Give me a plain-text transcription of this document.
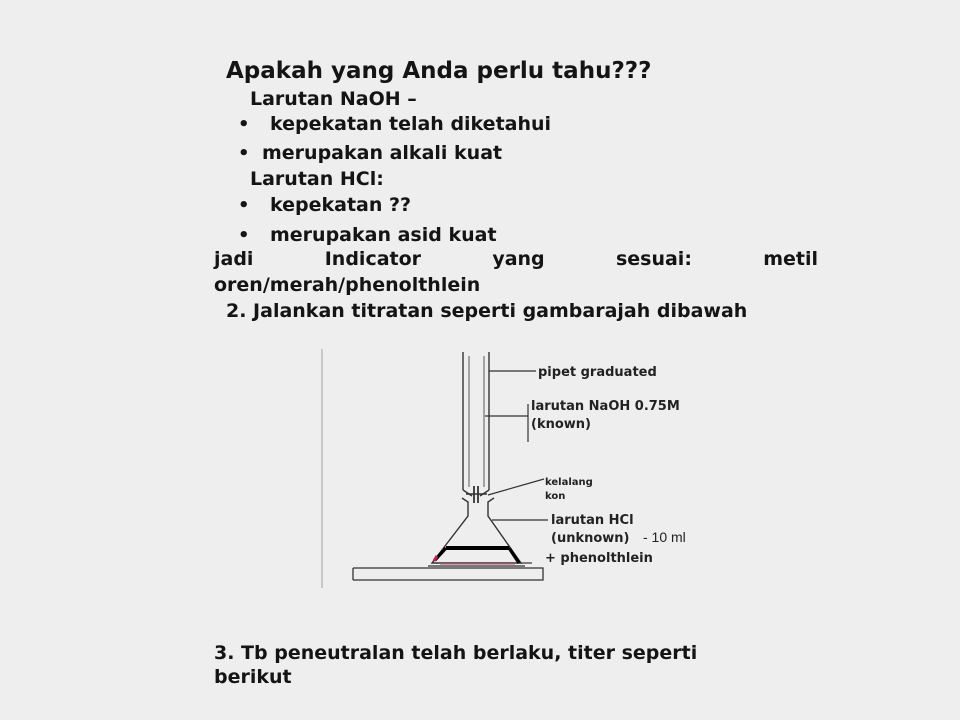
Apakah yang Anda perlu tahu???
Larutan NaOH –
• kepekatan telah diketahui
• merupakan alkali kuat
Larutan HCl:
• kepekatan ??
• merupakan asid kuat
jadi	Indicator	yang	sesuai:	metil
oren/merah/phenolthlein
2. Jalankan titratan seperti gambarajah dibawah
pipet graduated
larutan NaOH 0.75M
(known)
kelalang
kon
larutan HCl
(unknown) - 10 ml
+ phenolthlein
3. Tb peneutralan telah berlaku, titer seperti
berikut
